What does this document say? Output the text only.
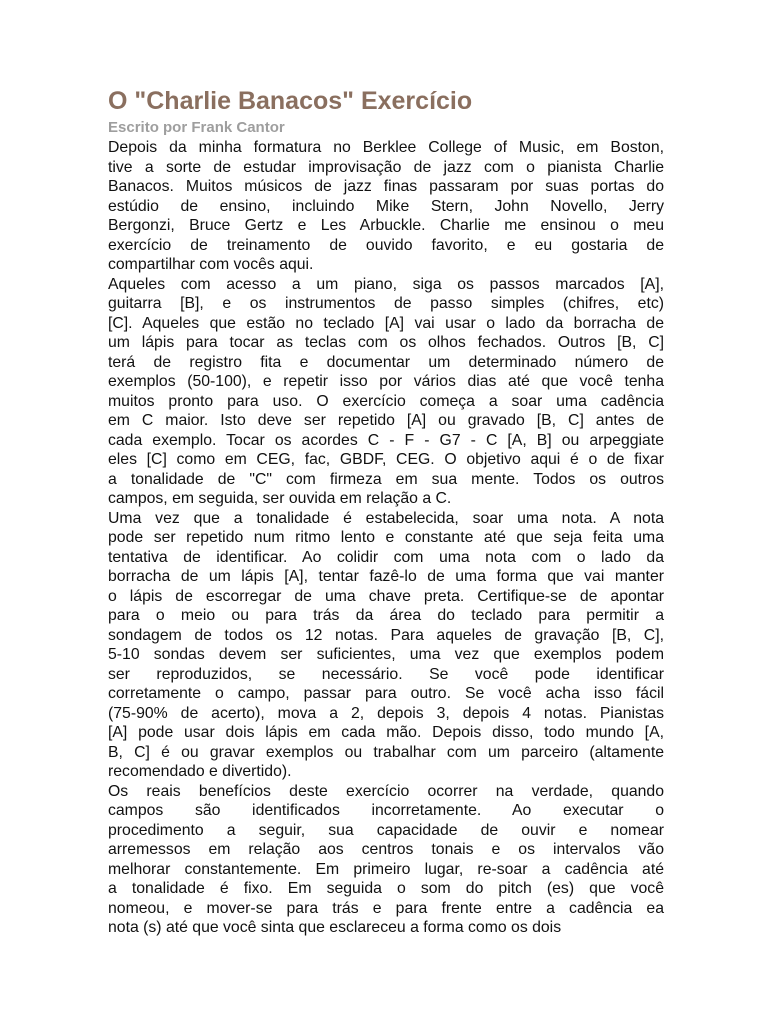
O "Charlie Banacos" Exercício
Escrito por Frank Cantor
Depois da minha formatura no Berklee College of Music, em Boston,
tive a sorte de estudar improvisação de jazz com o pianista Charlie
Banacos. Muitos músicos de jazz finas passaram por suas portas do
estúdio de ensino, incluindo Mike Stern, John Novello, Jerry
Bergonzi, Bruce Gertz e Les Arbuckle. Charlie me ensinou o meu
exercício de treinamento de ouvido favorito, e eu gostaria de
compartilhar com vocês aqui.
Aqueles com acesso a um piano, siga os passos marcados [A],
guitarra [B], e os instrumentos de passo simples (chifres, etc)
[C]. Aqueles que estão no teclado [A] vai usar o lado da borracha de
um lápis para tocar as teclas com os olhos fechados. Outros [B, C]
terá de registro fita e documentar um determinado número de
exemplos (50-100), e repetir isso por vários dias até que você tenha
muitos pronto para uso. O exercício começa a soar uma cadência
em C maior. Isto deve ser repetido [A] ou gravado [B, C] antes de
cada exemplo. Tocar os acordes C - F - G7 - C [A, B] ou arpeggiate
eles [C] como em CEG, fac, GBDF, CEG. O objetivo aqui é o de fixar
a tonalidade de "C" com firmeza em sua mente. Todos os outros
campos, em seguida, ser ouvida em relação a C.
Uma vez que a tonalidade é estabelecida, soar uma nota. A nota
pode ser repetido num ritmo lento e constante até que seja feita uma
tentativa de identificar. Ao colidir com uma nota com o lado da
borracha de um lápis [A], tentar fazê-lo de uma forma que vai manter
o lápis de escorregar de uma chave preta. Certifique-se de apontar
para o meio ou para trás da área do teclado para permitir a
sondagem de todos os 12 notas. Para aqueles de gravação [B, C],
5-10 sondas devem ser suficientes, uma vez que exemplos podem
ser reproduzidos, se necessário. Se você pode identificar
corretamente o campo, passar para outro. Se você acha isso fácil
(75-90% de acerto), mova a 2, depois 3, depois 4 notas. Pianistas
[A] pode usar dois lápis em cada mão. Depois disso, todo mundo [A,
B, C] é ou gravar exemplos ou trabalhar com um parceiro (altamente
recomendado e divertido).
Os reais benefícios deste exercício ocorrer na verdade, quando
campos são identificados incorretamente. Ao executar o
procedimento a seguir, sua capacidade de ouvir e nomear
arremessos em relação aos centros tonais e os intervalos vão
melhorar constantemente. Em primeiro lugar, re-soar a cadência até
a tonalidade é fixo. Em seguida o som do pitch (es) que você
nomeou, e mover-se para trás e para frente entre a cadência ea
nota (s) até que você sinta que esclareceu a forma como os dois
